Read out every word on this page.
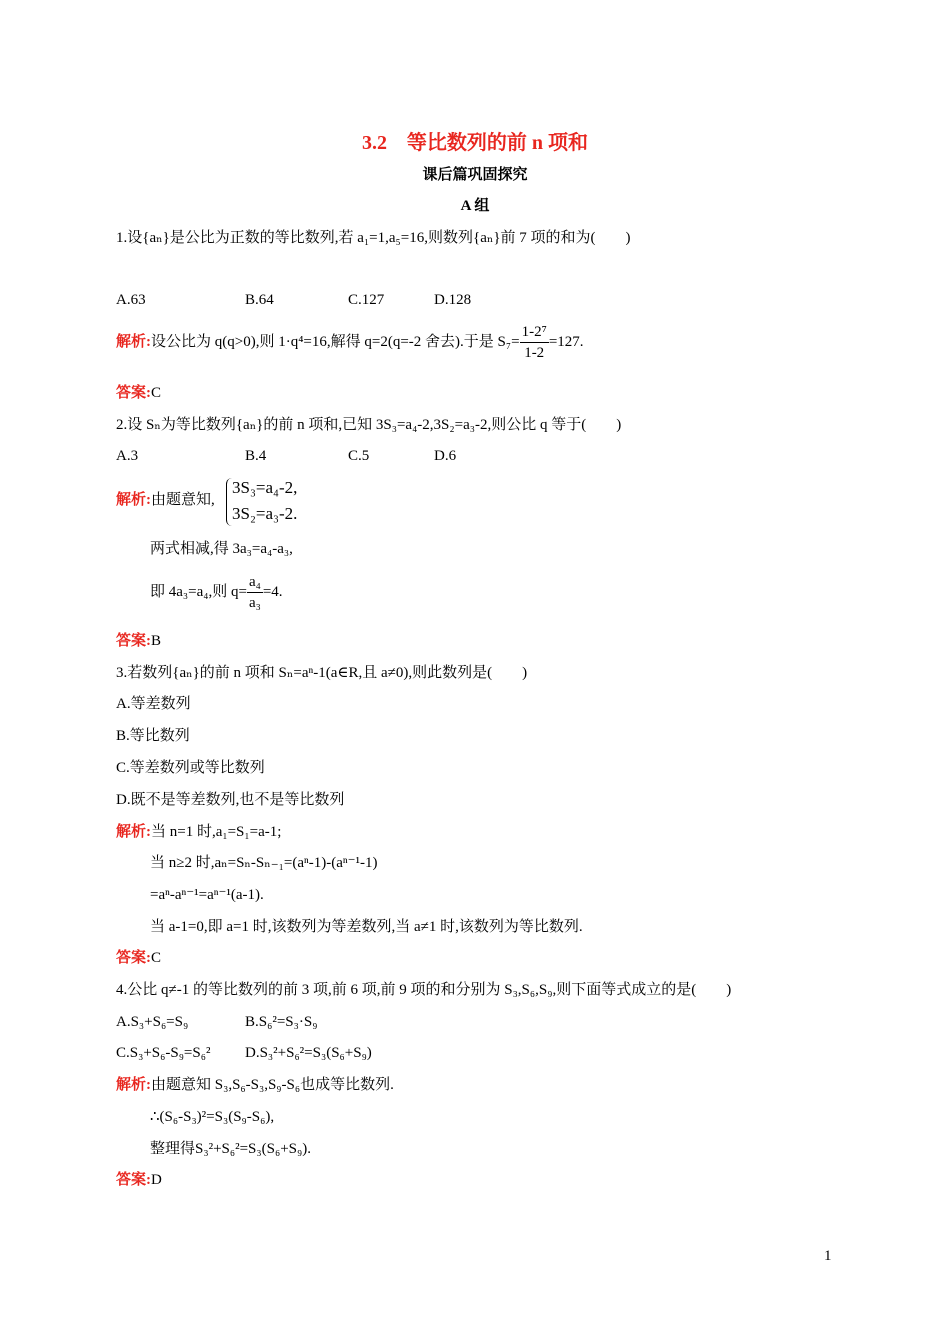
3.2　等比数列的前 n 项和
课后篇巩固探究
A 组
1.设{aₙ}是公比为正数的等比数列,若 a₁=1,a₅=16,则数列{aₙ}前 7 项的和为(　　)
A.63	B.64	C.127	D.128
解析:设公比为 q(q>0),则 1·q⁴=16,解得 q=2(q=-2 舍去).于是 $S_7= \frac{\text{1-2⁷}}{1-2} =127$.
答案:C
2.设 Sₙ为等比数列{aₙ}的前 n 项和,已知 3S₃=a₄-2,3S₂=a₃-2,则公比 q 等于(　　)
A.3	B.4	C.5	D.6
解析:由题意知,
3S₃=a₄-2,
3S₂=a₃-2.
两式相减,得 3a₃=a₄-a₃,
即 4a₃=a₄,则 $q= \frac{\text{a₄}}{\text{a₃}} =4$.
答案:B
3.若数列{aₙ}的前 n 项和 Sₙ=aⁿ-1(a∈R,且 a≠0),则此数列是(　　)
A.等差数列
B.等比数列
C.等差数列或等比数列
D.既不是等差数列,也不是等比数列
解析:当 n=1 时,a₁=S₁=a-1;
当 n≥2 时,aₙ=Sₙ-Sₙ₋₁=(aⁿ-1)-(aⁿ⁻¹-1)
=aⁿ-aⁿ⁻¹=aⁿ⁻¹(a-1).
当 a-1=0,即 a=1 时,该数列为等差数列,当 a≠1 时,该数列为等比数列.
答案:C
4.公比 q≠-1 的等比数列的前 3 项,前 6 项,前 9 项的和分别为 S₃,S₆,S₉,则下面等式成立的是(　　)
A.S₃+S₆=S₉	B.S₆²=S₃·S₉
C.S₃+S₆-S₉=S₆² D.S₃²+S₆²=S₃(S₆+S₉)
解析:由题意知 S₃,S₆-S₃,S₉-S₆也成等比数列.
∴(S₆-S₃)²=S₃(S₉-S₆),
整理得S₃²+S₆²=S₃(S₆+S₉).
答案:D
1
